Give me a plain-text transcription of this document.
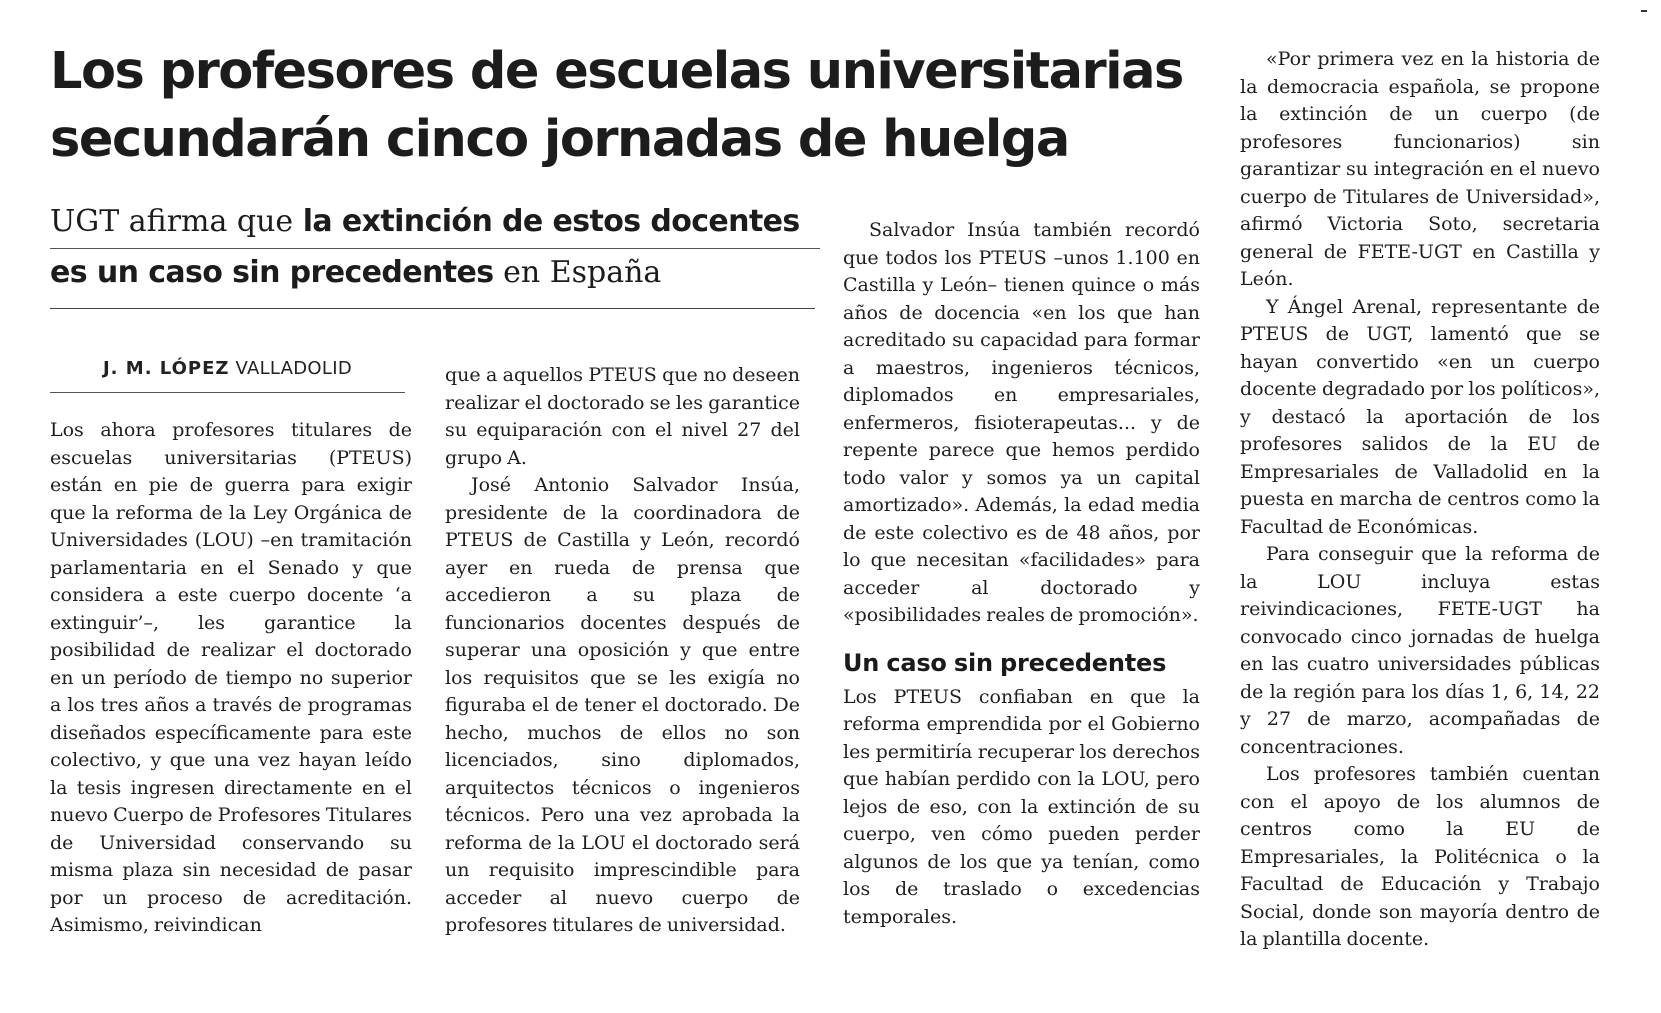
Los profesores de escuelas universitarias
secundarán cinco jornadas de huelga
UGT afirma que la extinción de estos docentes
es un caso sin precedentes en España
J. M. LÓPEZ VALLADOLID

Los ahora profesores titulares de escuelas universitarias (PTEUS) están en pie de guerra para exigir que la reforma de la Ley Orgánica de Universidades (LOU) –en tramitación parlamentaria en el Senado y que considera a este cuerpo docente ‘a extinguir’–, les garantice la posibilidad de realizar el doctorado en un período de tiempo no superior a los tres años a través de programas diseñados específicamente para este colectivo, y que una vez hayan leído la tesis ingresen directamente en el nuevo Cuerpo de Profesores Titulares de Universidad conservando su misma plaza sin necesidad de pasar por un proceso de acreditación. Asimismo, reivindican

que a aquellos PTEUS que no deseen realizar el doctorado se les garantice su equiparación con el nivel 27 del grupo A.

José Antonio Salvador Insúa, presidente de la coordinadora de PTEUS de Castilla y León, recordó ayer en rueda de prensa que accedieron a su plaza de funcionarios docentes después de superar una oposición y que entre los requisitos que se les exigía no figuraba el de tener el doctorado. De hecho, muchos de ellos no son licenciados, sino diplomados, arquitectos técnicos o ingenieros técnicos. Pero una vez aprobada la reforma de la LOU el doctorado será un requisito imprescindible para acceder al nuevo cuerpo de profesores titulares de universidad.

Salvador Insúa también recordó que todos los PTEUS –unos 1.100 en Castilla y León– tienen quince o más años de docencia «en los que han acreditado su capacidad para formar a maestros, ingenieros técnicos, diplomados en empresariales, enfermeros, fisioterapeutas... y de repente parece que hemos perdido todo valor y somos ya un capital amortizado». Además, la edad media de este colectivo es de 48 años, por lo que necesitan «facilidades» para acceder al doctorado y «posibilidades reales de promoción».

Un caso sin precedentes

Los PTEUS confiaban en que la reforma emprendida por el Gobierno les permitiría recuperar los derechos que habían perdido con la LOU, pero lejos de eso, con la extinción de su cuerpo, ven cómo pueden perder algunos de los que ya tenían, como los de traslado o excedencias temporales.

«Por primera vez en la historia de la democracia española, se propone la extinción de un cuerpo (de profesores funcionarios) sin garantizar su integración en el nuevo cuerpo de Titulares de Universidad», afirmó Victoria Soto, secretaria general de FETE-UGT en Castilla y León.

Y Ángel Arenal, representante de PTEUS de UGT, lamentó que se hayan convertido «en un cuerpo docente degradado por los políticos», y destacó la aportación de los profesores salidos de la EU de Empresariales de Valladolid en la puesta en marcha de centros como la Facultad de Económicas.

Para conseguir que la reforma de la LOU incluya estas reivindicaciones, FETE-UGT ha convocado cinco jornadas de huelga en las cuatro universidades públicas de la región para los días 1, 6, 14, 22 y 27 de marzo, acompañadas de concentraciones.

Los profesores también cuentan con el apoyo de los alumnos de centros como la EU de Empresariales, la Politécnica o la Facultad de Educación y Trabajo Social, donde son mayoría dentro de la plantilla docente.
